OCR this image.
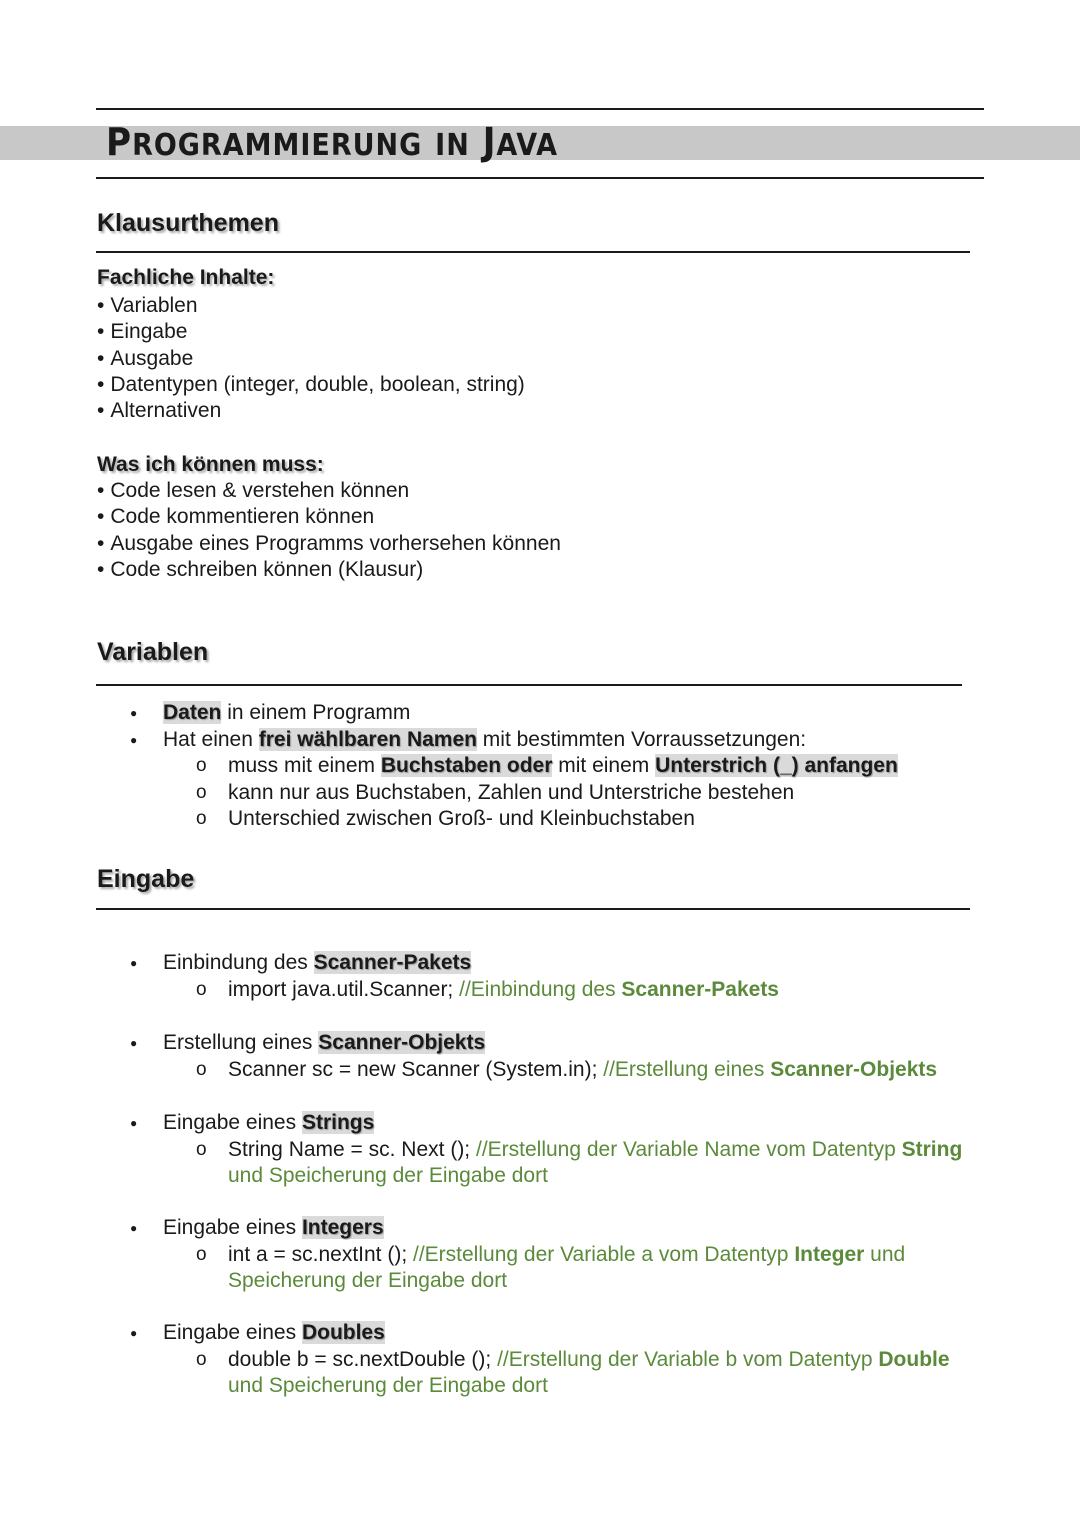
PROGRAMMIERUNG IN JAVA
Klausurthemen
Fachliche Inhalte:
• Variablen
• Eingabe
• Ausgabe
• Datentypen (integer, double, boolean, string)
• Alternativen
Was ich können muss:
• Code lesen & verstehen können
• Code kommentieren können
• Ausgabe eines Programms vorhersehen können
• Code schreiben können (Klausur)
Variablen
● Daten in einem Programm
● Hat einen frei wählbaren Namen mit bestimmten Vorraussetzungen:
o muss mit einem Buchstaben oder mit einem Unterstrich (_) anfangen
o kann nur aus Buchstaben, Zahlen und Unterstriche bestehen
o Unterschied zwischen Groß- und Kleinbuchstaben
Eingabe
● Einbindung des Scanner-Pakets
o import java.util.Scanner; //Einbindung des Scanner-Pakets
● Erstellung eines Scanner-Objekts
o Scanner sc = new Scanner (System.in); //Erstellung eines Scanner-Objekts
● Eingabe eines Strings
o String Name = sc. Next (); //Erstellung der Variable Name vom Datentyp String und Speicherung der Eingabe dort
● Eingabe eines Integers
o int a = sc.nextInt (); //Erstellung der Variable a vom Datentyp Integer und Speicherung der Eingabe dort
● Eingabe eines Doubles
o double b = sc.nextDouble (); //Erstellung der Variable b vom Datentyp Double und Speicherung der Eingabe dort
